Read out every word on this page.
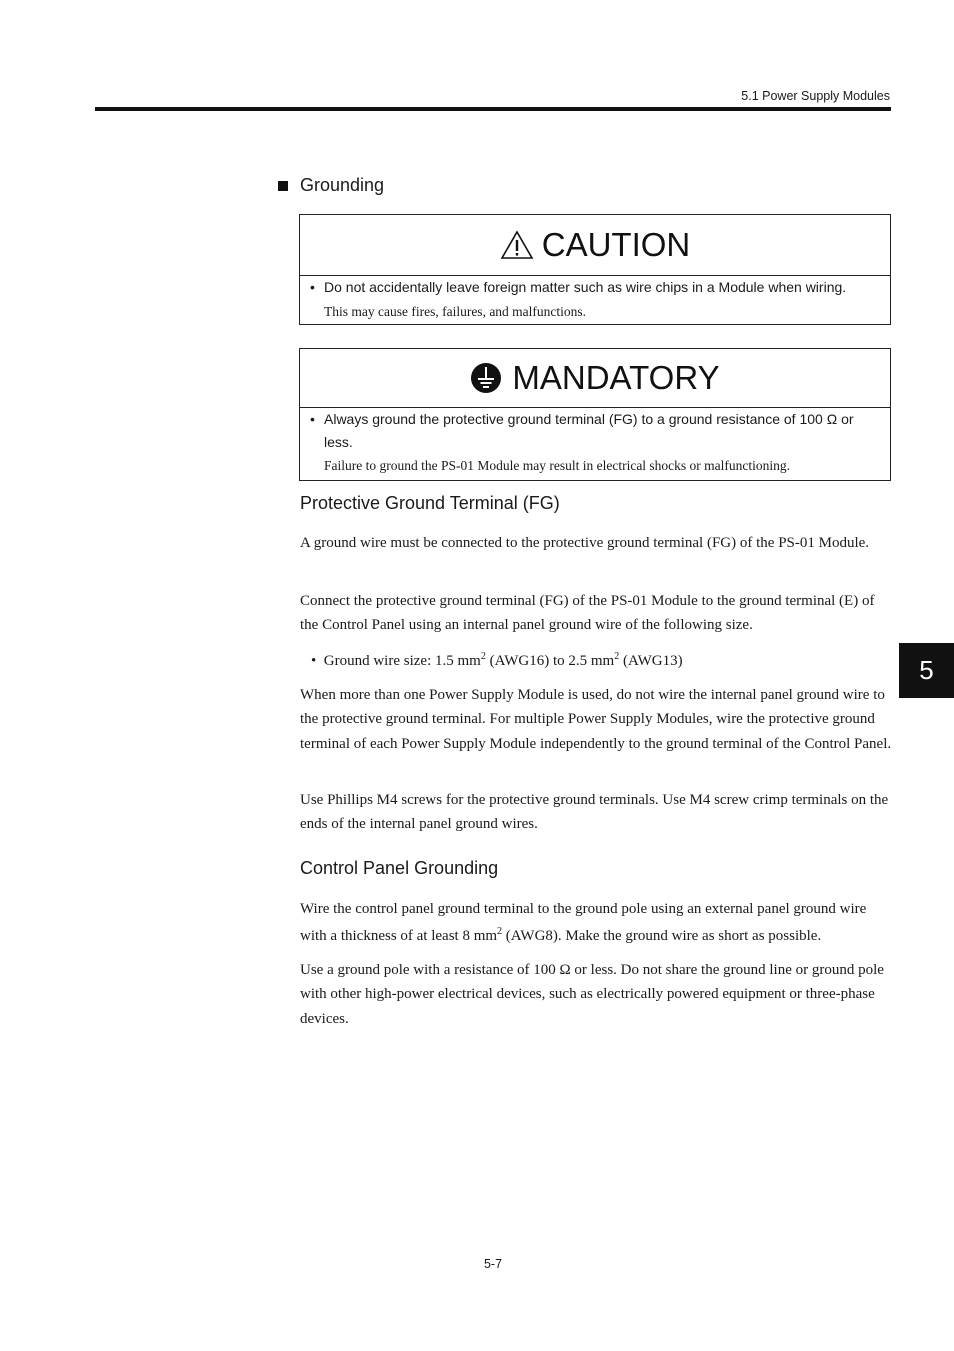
5.1 Power Supply Modules
Grounding
CAUTION
• Do not accidentally leave foreign matter such as wire chips in a Module when wiring.
This may cause fires, failures, and malfunctions.
MANDATORY
• Always ground the protective ground terminal (FG) to a ground resistance of 100 Ω or less.
Failure to ground the PS-01 Module may result in electrical shocks or malfunctioning.
Protective Ground Terminal (FG)
A ground wire must be connected to the protective ground terminal (FG) of the PS-01 Module.
Connect the protective ground terminal (FG) of the PS-01 Module to the ground terminal (E) of the Control Panel using an internal panel ground wire of the following size.
• Ground wire size: 1.5 $mm^2$ (AWG16) to 2.5 $mm^2$ (AWG13)
When more than one Power Supply Module is used, do not wire the internal panel ground wire to the protective ground terminal. For multiple Power Supply Modules, wire the protective ground terminal of each Power Supply Module independently to the ground terminal of the Control Panel.
Use Phillips M4 screws for the protective ground terminals. Use M4 screw crimp terminals on the ends of the internal panel ground wires.
Control Panel Grounding
Wire the control panel ground terminal to the ground pole using an external panel ground wire with a thickness of at least 8 $mm^2$ (AWG8). Make the ground wire as short as possible.
Use a ground pole with a resistance of 100 Ω or less. Do not share the ground line or ground pole with other high-power electrical devices, such as electrically powered equipment or three-phase devices.
5
5-7
